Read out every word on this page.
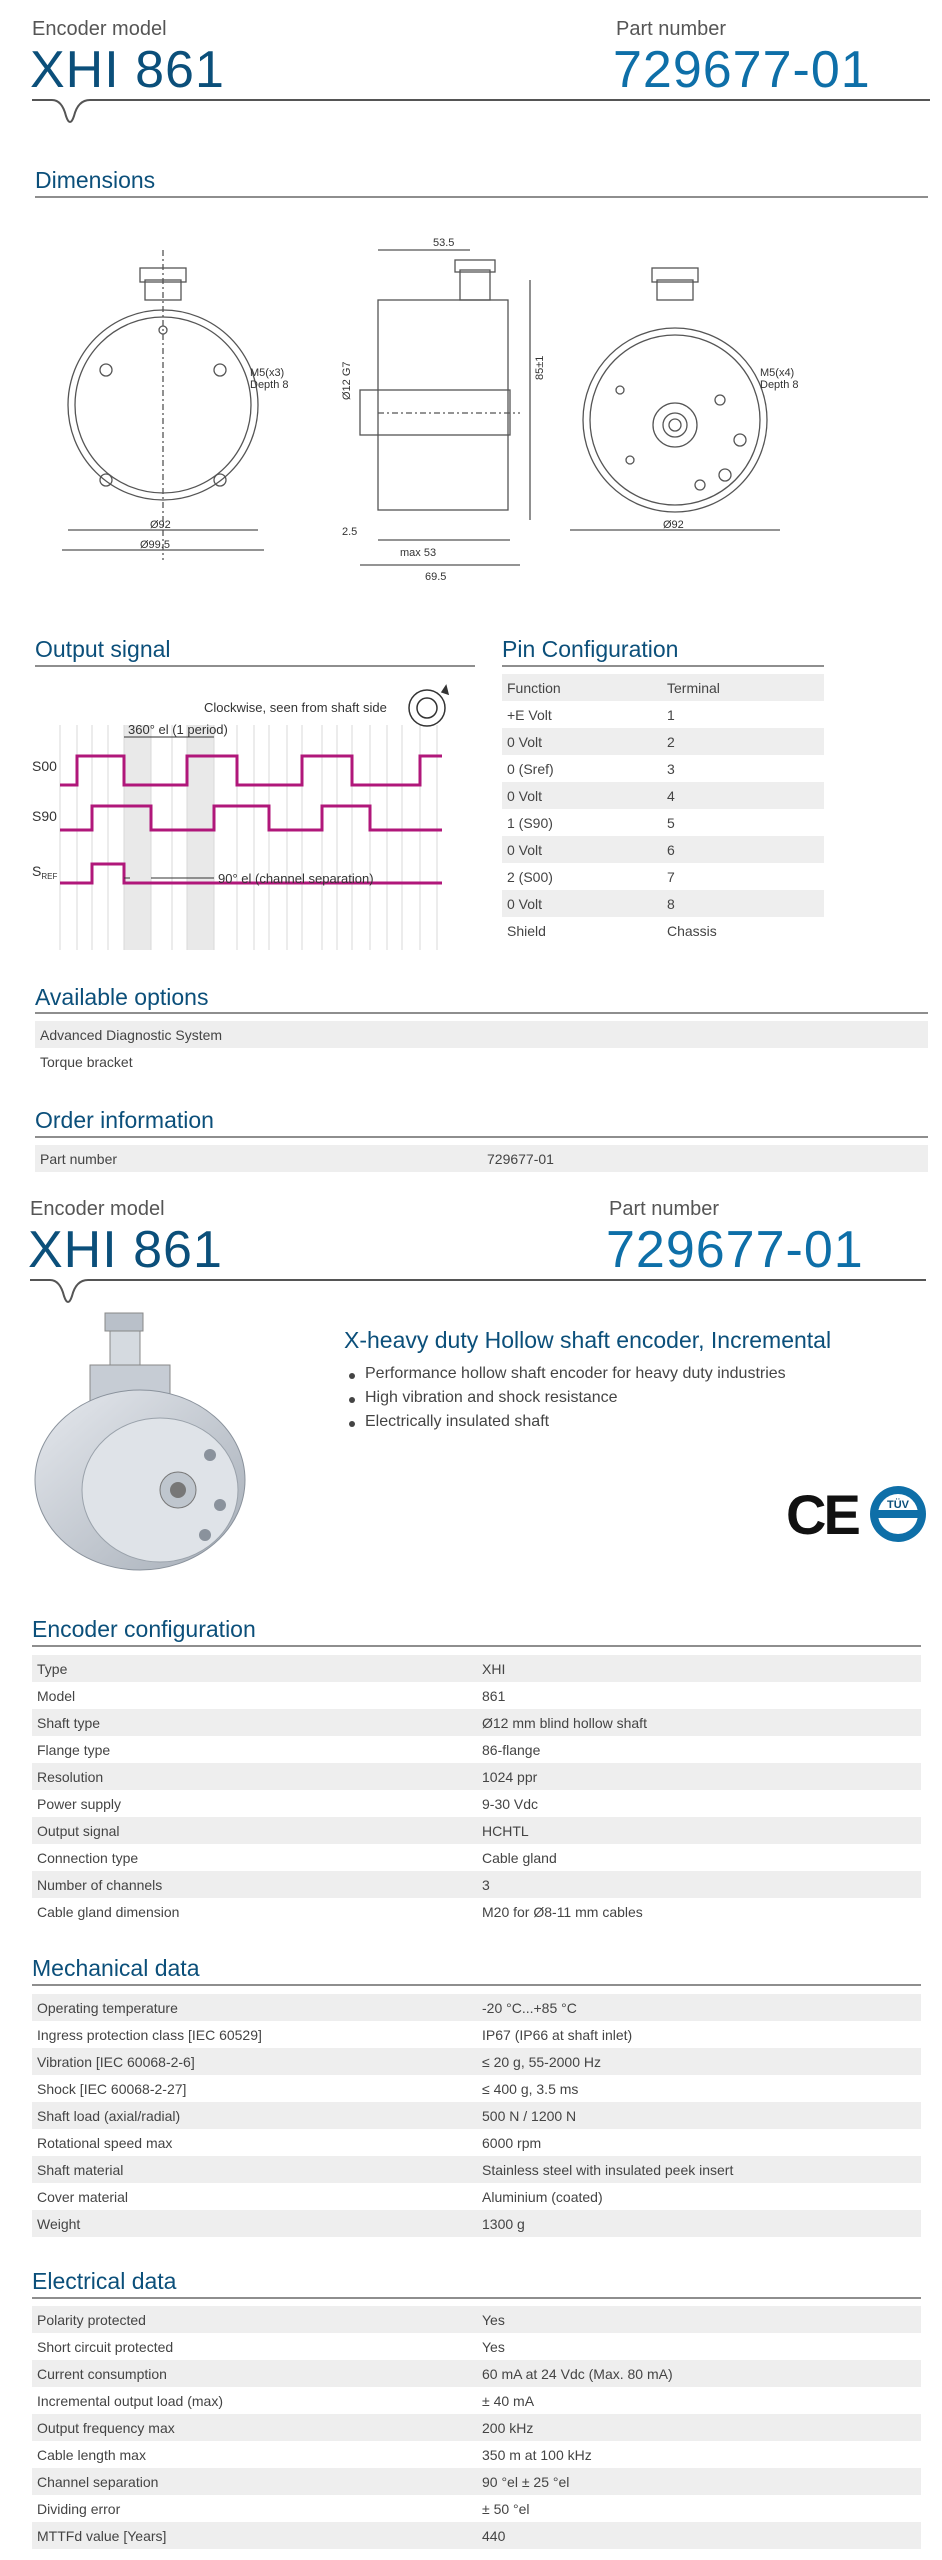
Encoder model
XHI 861
Part number
729677-01
Dimensions
M5(x3)
Depth 8
Ø92
Ø99.5
53.5
Ø12 G7	85±1
2.5
max 53
69.5
M5(x4)
Depth 8
Ø92
Output signal
360° el (1 period)
90° el (channel separation)
Clockwise, seen from shaft side
S00
S90
$S_{REF}$
Pin Configuration
Function	Terminal
+E Volt	1
0 Volt	2
0 (Sref)	3
0 Volt	4
1 (S90)	5
0 Volt	6
2 (S00)	7
0 Volt	8
Shield	Chassis
Available options
Advanced Diagnostic System
Torque bracket
Order information
Part number	729677-01
Encoder model
XHI 861
Part number
729677-01
X-heavy duty Hollow shaft encoder, Incremental
Performance hollow shaft encoder for heavy duty industries
High vibration and shock resistance
Electrically insulated shaft
CE	TÜV
Encoder configuration
Type	XHI
Model	861
Shaft type	Ø12 mm blind hollow shaft
Flange type	86-flange
Resolution	1024 ppr
Power supply	9-30 Vdc
Output signal	HCHTL
Connection type	Cable gland
Number of channels	3
Cable gland dimension	M20 for Ø8-11 mm cables
Mechanical data
Operating temperature	-20 °C...+85 °C
Ingress protection class [IEC 60529]	IP67 (IP66 at shaft inlet)
Vibration [IEC 60068-2-6]	≤ 20 g, 55-2000 Hz
Shock [IEC 60068-2-27]	≤ 400 g, 3.5 ms
Shaft load (axial/radial)	500 N / 1200 N
Rotational speed max	6000 rpm
Shaft material	Stainless steel with insulated peek insert
Cover material	Aluminium (coated)
Weight	1300 g
Electrical data
Polarity protected	Yes
Short circuit protected	Yes
Current consumption	60 mA at 24 Vdc (Max. 80 mA)
Incremental output load (max)	± 40 mA
Output frequency max	200 kHz
Cable length max	350 m at 100 kHz
Channel separation	90 °el ± 25 °el
Dividing error	± 50 °el
MTTFd value [Years]	440
